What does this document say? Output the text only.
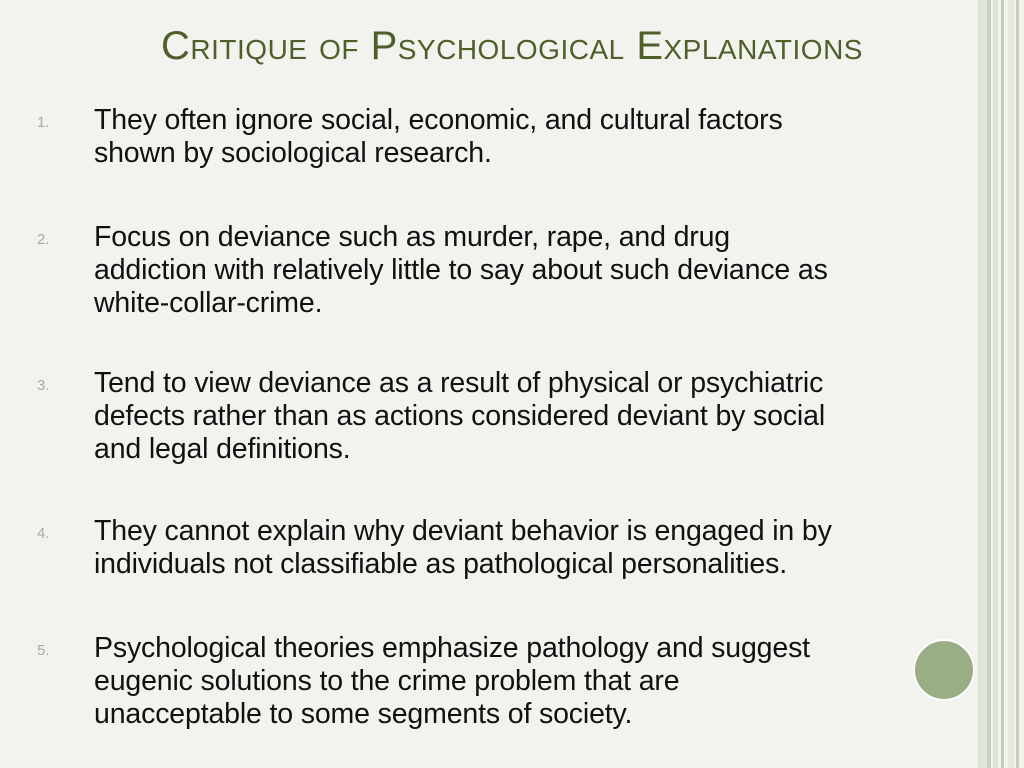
Critique of Psychological Explanations
1.	They often ignore social, economic, and cultural factors
shown by sociological research.
2.	Focus on deviance such as murder, rape, and drug
addiction with relatively little to say about such deviance as
white-collar-crime.
3.	Tend to view deviance as a result of physical or psychiatric
defects rather than as actions considered deviant by social
and legal definitions.
4.	They cannot explain why deviant behavior is engaged in by
individuals not classifiable as pathological personalities.
5.	Psychological theories emphasize pathology and suggest
eugenic solutions to the crime problem that are
unacceptable to some segments of society.
